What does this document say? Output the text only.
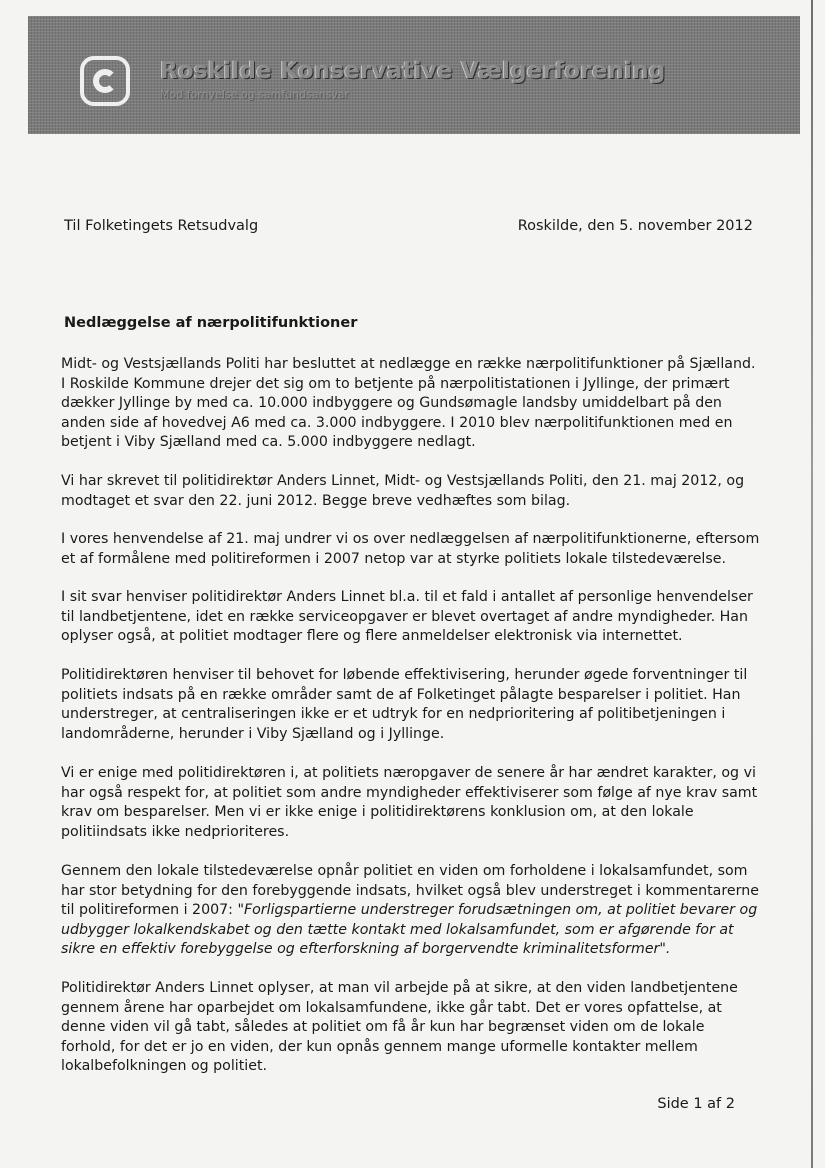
Roskilde Konservative Vælgerforening
Mod fornyelse og samfundsansvar
Til Folketingets Retsudvalg	Roskilde, den 5. november 2012
Nedlæggelse af nærpolitifunktioner

Midt- og Vestsjællands Politi har besluttet at nedlægge en række nærpolitifunktioner på Sjælland. I Roskilde Kommune drejer det sig om to betjente på nærpolitistationen i Jyllinge, der primært dækker Jyllinge by med ca. 10.000 indbyggere og Gundsømagle landsby umiddelbart på den anden side af hovedvej A6 med ca. 3.000 indbyggere. I 2010 blev nærpolitifunktionen med en betjent i Viby Sjælland med ca. 5.000 indbyggere nedlagt.

Vi har skrevet til politidirektør Anders Linnet, Midt- og Vestsjællands Politi, den 21. maj 2012, og modtaget et svar den 22. juni 2012. Begge breve vedhæftes som bilag.

I vores henvendelse af 21. maj undrer vi os over nedlæggelsen af nærpolitifunktionerne, eftersom et af formålene med politireformen i 2007 netop var at styrke politiets lokale tilstedeværelse.

I sit svar henviser politidirektør Anders Linnet bl.a. til et fald i antallet af personlige henvendelser til landbetjentene, idet en række serviceopgaver er blevet overtaget af andre myndigheder. Han oplyser også, at politiet modtager flere og flere anmeldelser elektronisk via internettet.

Politidirektøren henviser til behovet for løbende effektivisering, herunder øgede forventninger til politiets indsats på en række områder samt de af Folketinget pålagte besparelser i politiet. Han understreger, at centraliseringen ikke er et udtryk for en nedprioritering af politibetjeningen i landområderne, herunder i Viby Sjælland og i Jyllinge.

Vi er enige med politidirektøren i, at politiets næropgaver de senere år har ændret karakter, og vi har også respekt for, at politiet som andre myndigheder effektiviserer som følge af nye krav samt krav om besparelser. Men vi er ikke enige i politidirektørens konklusion om, at den lokale politiindsats ikke nedprioriteres.

Gennem den lokale tilstedeværelse opnår politiet en viden om forholdene i lokalsamfundet, som har stor betydning for den forebyggende indsats, hvilket også blev understreget i kommentarerne til politireformen i 2007: "Forligspartierne understreger forudsætningen om, at politiet bevarer og udbygger lokalkendskabet og den tætte kontakt med lokalsamfundet, som er afgørende for at sikre en effektiv forebyggelse og efterforskning af borgervendte kriminalitetsformer".

Politidirektør Anders Linnet oplyser, at man vil arbejde på at sikre, at den viden landbetjentene gennem årene har oparbejdet om lokalsamfundene, ikke går tabt. Det er vores opfattelse, at denne viden vil gå tabt, således at politiet om få år kun har begrænset viden om de lokale forhold, for det er jo en viden, der kun opnås gennem mange uformelle kontakter mellem lokalbefolkningen og politiet.

Side 1 af 2
